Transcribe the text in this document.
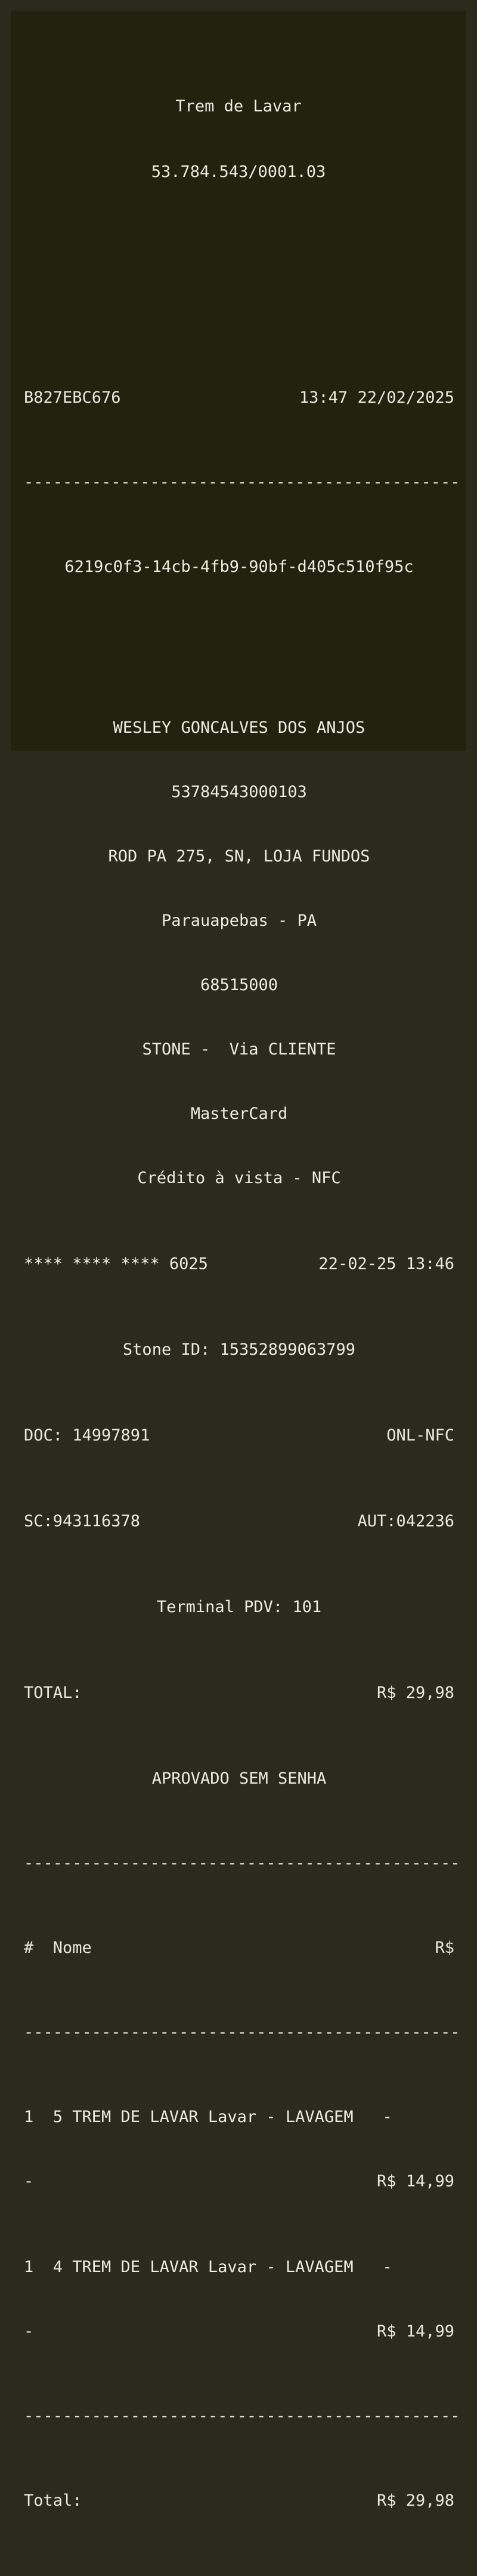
Trem de Lavar

53.784.543/0001.03

B827EBC676	13:47 22/02/2025

---------------------------------------------

6219c0f3-14cb-4fb9-90bf-d405c510f95c

WESLEY GONCALVES DOS ANJOS

53784543000103

ROD PA 275, SN, LOJA FUNDOS

Parauapebas - PA

68515000

STONE -  Via CLIENTE

MasterCard

Crédito à vista - NFC

**** **** **** 6025	22-02-25 13:46

Stone ID: 15352899063799

DOC: 14997891	ONL-NFC

SC:943116378	AUT:042236

Terminal PDV: 101

TOTAL:	R$ 29,98

APROVADO SEM SENHA

---------------------------------------------

#  Nome	R$

---------------------------------------------

1  5 TREM DE LAVAR Lavar - LAVAGEM   -

-	R$ 14,99

1  4 TREM DE LAVAR Lavar - LAVAGEM   -

-	R$ 14,99

---------------------------------------------

Total:	R$ 29,98
